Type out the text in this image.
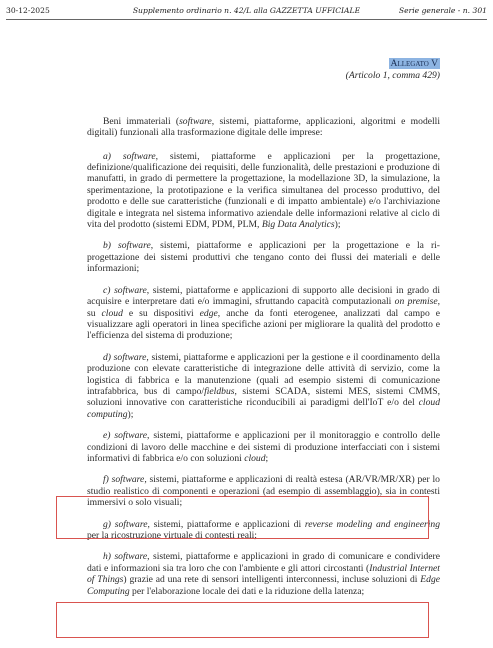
30-12-2025	Supplemento ordinario n. 42/L alla GAZZETTA UFFICIALE	Serie generale - n. 301
Allegato V
(Articolo 1, comma 429)

Beni immateriali (software, sistemi, piattaforme, applicazioni, algoritmi e modelli digitali) funzionali alla trasformazione digitale delle imprese:

a) software, sistemi, piattaforme e applicazioni per la progettazione, definizione/qualificazione dei requisiti, delle funzionalità, delle prestazioni e produzione di manufatti, in grado di permettere la progettazione, la modellazione 3D, la simulazione, la sperimentazione, la prototipazione e la verifica simultanea del processo produttivo, del prodotto e delle sue caratteristiche (funzionali e di impatto ambientale) e/o l'archiviazione digitale e integrata nel sistema informativo aziendale delle informazioni relative al ciclo di vita del prodotto (sistemi EDM, PDM, PLM, Big Data Analytics);

b) software, sistemi, piattaforme e applicazioni per la progettazione e la ri-progettazione dei sistemi produttivi che tengano conto dei flussi dei materiali e delle informazioni;

c) software, sistemi, piattaforme e applicazioni di supporto alle decisioni in grado di acquisire e interpretare dati e/o immagini, sfruttando capacità computazionali on premise, su cloud e su dispositivi edge, anche da fonti eterogenee, analizzati dal campo e visualizzare agli operatori in linea specifiche azioni per migliorare la qualità del prodotto e l'efficienza del sistema di produzione;

d) software, sistemi, piattaforme e applicazioni per la gestione e il coordinamento della produzione con elevate caratteristiche di integrazione delle attività di servizio, come la logistica di fabbrica e la manutenzione (quali ad esempio sistemi di comunicazione intrafabbrica, bus di campo/fieldbus, sistemi SCADA, sistemi MES, sistemi CMMS, soluzioni innovative con caratteristiche riconducibili ai paradigmi dell'IoT e/o del cloud computing);

e) software, sistemi, piattaforme e applicazioni per il monitoraggio e controllo delle condizioni di lavoro delle macchine e dei sistemi di produzione interfacciati con i sistemi informativi di fabbrica e/o con soluzioni cloud;

f) software, sistemi, piattaforme e applicazioni di realtà estesa (AR/VR/MR/XR) per lo studio realistico di componenti e operazioni (ad esempio di assemblaggio), sia in contesti immersivi o solo visuali;

g) software, sistemi, piattaforme e applicazioni di reverse modeling and engineering per la ricostruzione virtuale di contesti reali;

h) software, sistemi, piattaforme e applicazioni in grado di comunicare e condividere dati e informazioni sia tra loro che con l'ambiente e gli attori circostanti (Industrial Internet of Things) grazie ad una rete di sensori intelligenti interconnessi, incluse soluzioni di Edge Computing per l'elaborazione locale dei dati e la riduzione della latenza;
